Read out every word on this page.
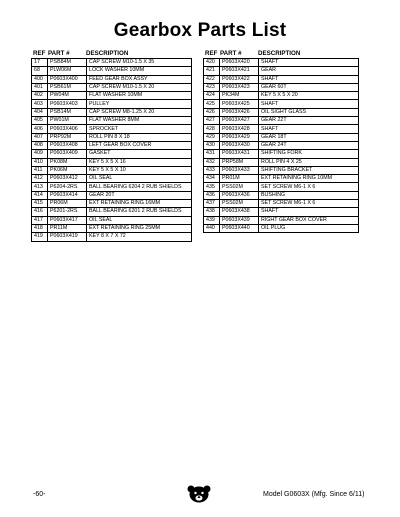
Gearbox Parts List
REF PART #	DESCRIPTION
17	PSB84M	CAP SCREW M10-1.5 X 35
68	PLW06M	LOCK WASHER 10MM
400	P0603X400	FEED GEAR BOX ASSY
401	PSB61M	CAP SCREW M10-1.5 X 20
402	PW04M	FLAT WASHER 10MM
403	P0603X403	PULLEY
404	PSB14M	CAP SCREW M8-1.25 X 20
405	PW01M	FLAT WASHER 8MM
406	P0603X406	SPROCKET
407	PRP92M	ROLL PIN 8 X 18
408	P0603X408	LEFT GEAR BOX COVER
409	P0603X409	GASKET
410	PK08M	KEY 5 X 5 X 16
411	PK06M	KEY 5 X 5 X 10
412	P0603X412	OIL SEAL
413	P6204-2RS	BALL BEARING 6204 2 RUB SHIELDS
414	P0603X414	GEAR 20T
415	PR06M	EXT RETAINING RING 16MM
416	P6201-2RS	BALL BEARING 6201 2 RUB SHIELDS
417	P0603X417	OIL SEAL
418	PR11M	EXT RETAINING RING 25MM
419	P0603X419	KEY 8 X 7 X 72
REF PART #	DESCRIPTION
420	P0603X420	SHAFT
421	P0603X421	GEAR
422	P0603X422	SHAFT
423	P0603X423	GEAR 60T
424	PK34M	KEY 5 X 5 X 20
425	P0603X425	SHAFT
426	P0603X426	OIL SIGHT GLASS
427	P0603X427	GEAR 22T
428	P0603X428	SHAFT
429	P0603X429	GEAR 18T
430	P0603X430	GEAR 24T
431	P0603X431	SHIFTING FORK
432	PRP58M	ROLL PIN 4 X 25
433	P0603X433	SHIFTING BRACKET
434	PR01M	EXT RETAINING RING 10MM
435	PSS02M	SET SCREW M6-1 X 6
436	P0603X436	BUSHING
437	PSS02M	SET SCREW M6-1 X 6
438	P0603X438	SHAFT
439	P0603X439	RIGHT GEAR BOX COVER
440	P0603X440	OIL PLUG
-60-	Model G0603X (Mfg. Since 6/11)
